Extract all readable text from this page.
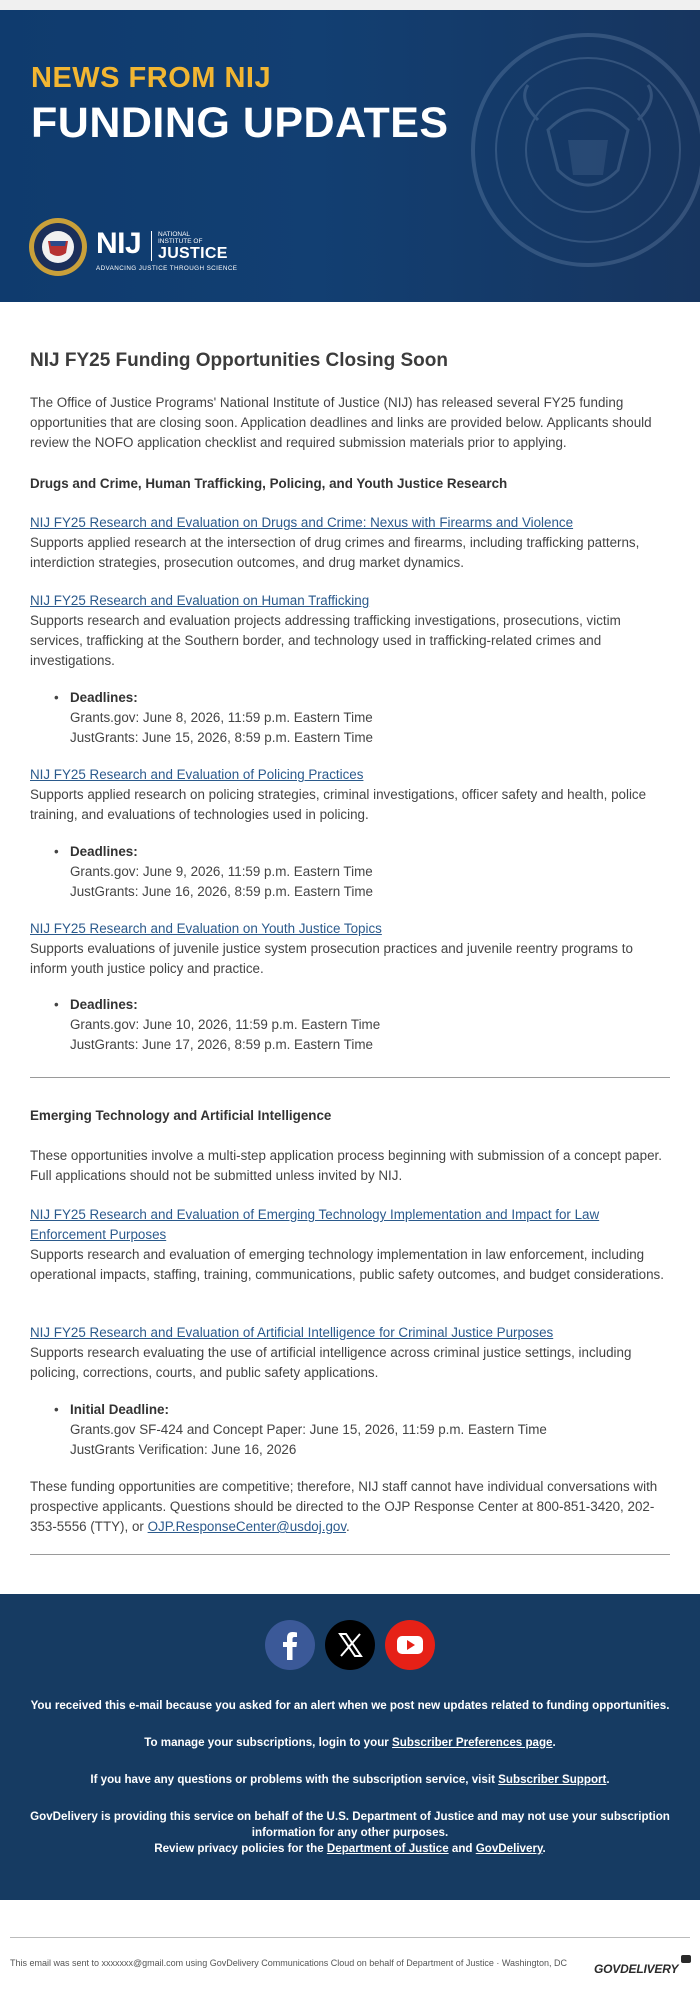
NEWS FROM NIJ
FUNDING UPDATES
NIJ	NATIONAL INSTITUTE OF
JUSTICE
ADVANCING JUSTICE THROUGH SCIENCE
NIJ FY25 Funding Opportunities Closing Soon

The Office of Justice Programs' National Institute of Justice (NIJ) has released several FY25 funding opportunities that are closing soon. Application deadlines and links are provided below. Applicants should review the NOFO application checklist and required submission materials prior to applying.

Drugs and Crime, Human Trafficking, Policing, and Youth Justice Research

NIJ FY25 Research and Evaluation on Drugs and Crime: Nexus with Firearms and Violence
Supports applied research at the intersection of drug crimes and firearms, including trafficking patterns, interdiction strategies, prosecution outcomes, and drug market dynamics.

NIJ FY25 Research and Evaluation on Human Trafficking
Supports research and evaluation projects addressing trafficking investigations, prosecutions, victim services, trafficking at the Southern border, and technology used in trafficking-related crimes and investigations.

• Deadlines:
Grants.gov: June 8, 2026, 11:59 p.m. Eastern Time
JustGrants: June 15, 2026, 8:59 p.m. Eastern Time

NIJ FY25 Research and Evaluation of Policing Practices
Supports applied research on policing strategies, criminal investigations, officer safety and health, police training, and evaluations of technologies used in policing.

• Deadlines:
Grants.gov: June 9, 2026, 11:59 p.m. Eastern Time
JustGrants: June 16, 2026, 8:59 p.m. Eastern Time

NIJ FY25 Research and Evaluation on Youth Justice Topics
Supports evaluations of juvenile justice system prosecution practices and juvenile reentry programs to inform youth justice policy and practice.

• Deadlines:
Grants.gov: June 10, 2026, 11:59 p.m. Eastern Time
JustGrants: June 17, 2026, 8:59 p.m. Eastern Time

Emerging Technology and Artificial Intelligence

These opportunities involve a multi-step application process beginning with submission of a concept paper. Full applications should not be submitted unless invited by NIJ.

NIJ FY25 Research and Evaluation of Emerging Technology Implementation and Impact for Law Enforcement Purposes
Supports research and evaluation of emerging technology implementation in law enforcement, including operational impacts, staffing, training, communications, public safety outcomes, and budget considerations.

NIJ FY25 Research and Evaluation of Artificial Intelligence for Criminal Justice Purposes
Supports research evaluating the use of artificial intelligence across criminal justice settings, including policing, corrections, courts, and public safety applications.

• Initial Deadline:
Grants.gov SF-424 and Concept Paper: June 15, 2026, 11:59 p.m. Eastern Time
JustGrants Verification: June 16, 2026

These funding opportunities are competitive; therefore, NIJ staff cannot have individual conversations with prospective applicants. Questions should be directed to the OJP Response Center at 800-851-3420, 202-353-5556 (TTY), or OJP.ResponseCenter@usdoj.gov.

You received this e-mail because you asked for an alert when we post new updates related to funding opportunities.
To manage your subscriptions, login to your Subscriber Preferences page.
If you have any questions or problems with the subscription service, visit Subscriber Support.
GovDelivery is providing this service on behalf of the U.S. Department of Justice and may not use your subscription information for any other purposes.
Review privacy policies for the Department of Justice and GovDelivery.
This email was sent to xxxxxxx@gmail.com using GovDelivery Communications Cloud on behalf of Department of Justice · Washington, DC GOVDELIVERY
